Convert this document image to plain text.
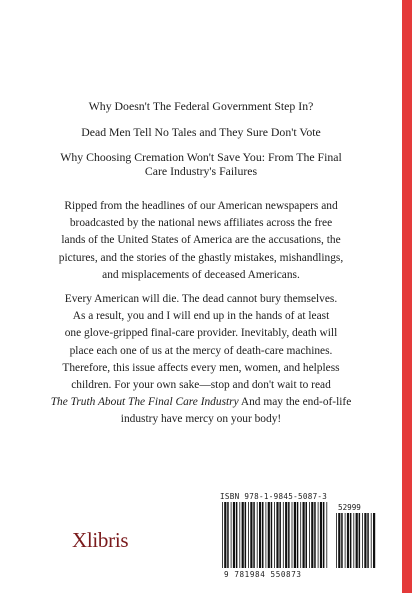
Why Doesn't The Federal Government Step In?
Dead Men Tell No Tales and They Sure Don't Vote
Why Choosing Cremation Won't Save You: From The Final
Care Industry's Failures
Ripped from the headlines of our American newspapers and
broadcasted by the national news affiliates across the free
lands of the United States of America are the accusations, the
pictures, and the stories of the ghastly mistakes, mishandlings,
and misplacements of deceased Americans.
Every American will die. The dead cannot bury themselves.
As a result, you and I will end up in the hands of at least
one glove-gripped final-care provider. Inevitably, death will
place each one of us at the mercy of death-care machines.
Therefore, this issue affects every men, women, and helpless
children. For your own sake—stop and don't wait to read
The Truth About The Final Care Industry And may the end-of-life
industry have mercy on your body!
Xlibris
ISBN 978-1-9845-5087-3
52999
9 781984 550873
